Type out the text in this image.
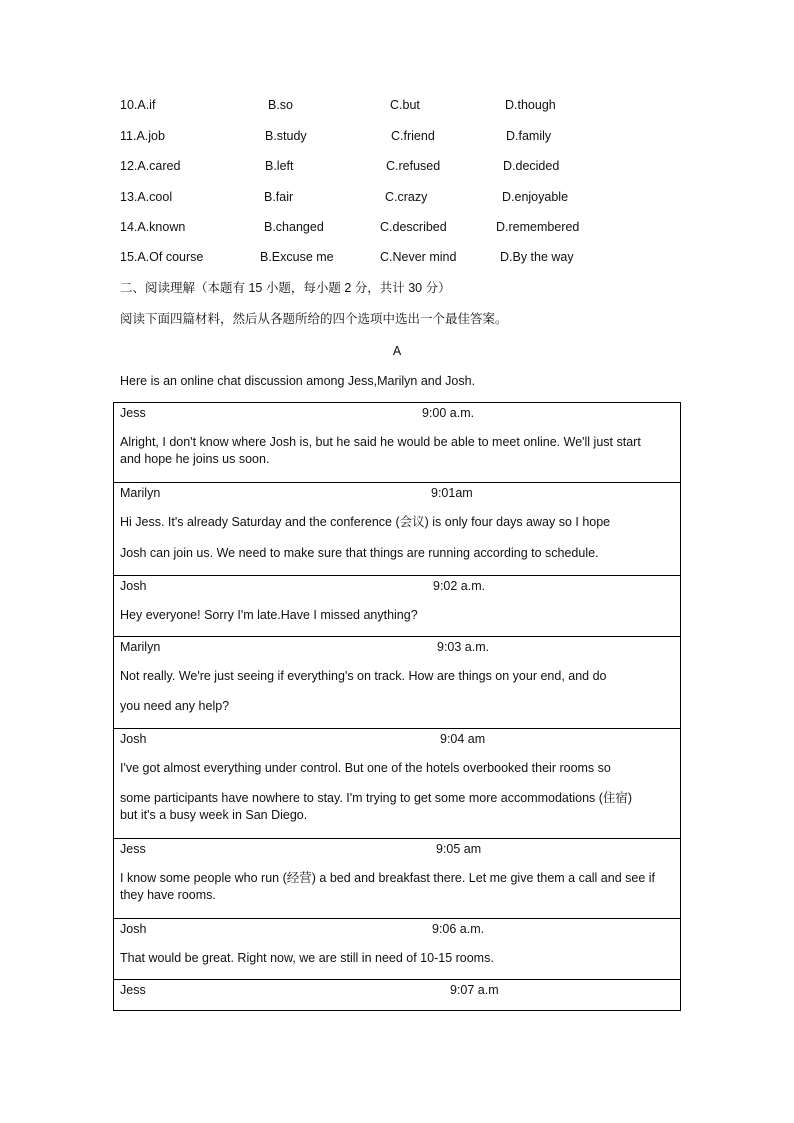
10.A.if	B.so	C.but	D.though
11.A.job	B.study	C.friend	D.family
12.A.cared	B.left	C.refused	D.decided
13.A.cool	B.fair	C.crazy	D.enjoyable
14.A.known	B.changed	C.described	D.remembered
15.A.Of course	B.Excuse me	C.Never mind	D.By the way
二、阅读理解（本题有 15 小题，每小题 2 分，共计 30 分）
阅读下面四篇材料，然后从各题所给的四个选项中选出一个最佳答案。
A
Here is an online chat discussion among Jess,Marilyn and Josh.
Jess	9:00 a.m.

Alright, I don't know where Josh is, but he said he would be able to meet online. We'll just start
and hope he joins us soon.

Marilyn	9:01am
Hi Jess. It's already Saturday and the conference (会议) is only four days away so I hope
Josh can join us. We need to make sure that things are running according to schedule.
Josh	9:02 a.m.
Hey everyone! Sorry I'm late.Have I missed anything?
Marilyn	9:03 a.m.
Not really. We're just seeing if everything's on track. How are things on your end, and do
you need any help?
Josh	9:04 am
I've got almost everything under control. But one of the hotels overbooked their rooms so

some participants have nowhere to stay. I'm trying to get some more accommodations (住宿)
but it's a busy week in San Diego.

Jess	9:05 am

I know some people who run (经营) a bed and breakfast there. Let me give them a call and see if
they have rooms.

Josh	9:06 a.m.
That would be great. Right now, we are still in need of 10-15 rooms.
Jess	9:07 a.m
